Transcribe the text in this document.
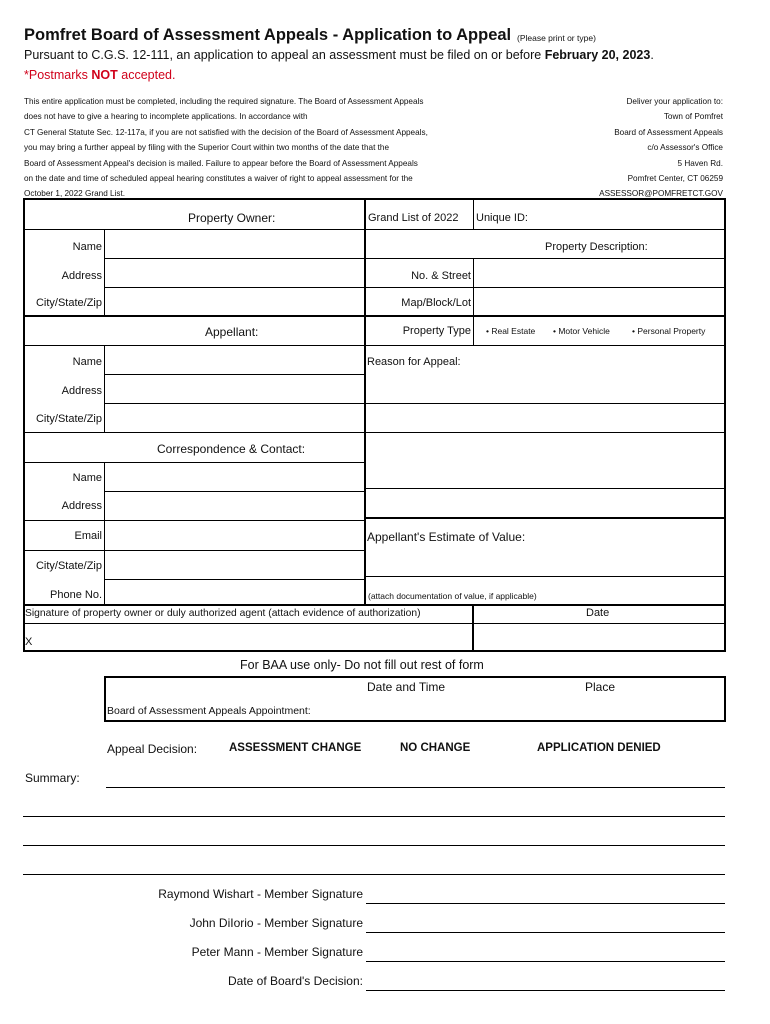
Pomfret Board of Assessment Appeals - Application to Appeal (Please print or type)
Pursuant to C.G.S. 12-111, an application to appeal an assessment must be filed on or before February 20, 2023.
*Postmarks NOT accepted.
This entire application must be completed, including the required signature. The Board of Assessment Appeals
does not have to give a hearing to incomplete applications. In accordance with
CT General Statute Sec. 12-117a, if you are not satisfied with the decision of the Board of Assessment Appeals,
you may bring a further appeal by filing with the Superior Court within two months of the date that the
Board of Assessment Appeal's decision is mailed. Failure to appear before the Board of Assessment Appeals
on the date and time of scheduled appeal hearing constitutes a waiver of right to appeal assessment for the
October 1, 2022 Grand List.
Deliver your application to:
Town of Pomfret
Board of Assessment Appeals
c/o Assessor's Office
5 Haven Rd.
Pomfret Center, CT 06259
ASSESSOR@POMFRETCT.GOV
Property Owner:	Grand List of 2022 Unique ID:
Name
Address
City/State/Zip
Property Description:
No. & Street
Map/Block/Lot
Appellant:	Property Type • Real Estate • Motor Vehicle	• Personal Property
Name
Address
City/State/Zip
Reason for Appeal:
Correspondence & Contact:
Name
Address
Email
City/State/Zip
Phone No.
Appellant's Estimate of Value:
(attach documentation of value, if applicable)
Signature of property owner or duly authorized agent (attach evidence of authorization)	Date
X
For BAA use only- Do not fill out rest of form
Date and Time	Place
Board of Assessment Appeals Appointment:
Appeal Decision:	ASSESSMENT CHANGE	NO CHANGE	APPLICATION DENIED
Summary:
Raymond Wishart - Member Signature
John DiIorio - Member Signature
Peter Mann - Member Signature
Date of Board's Decision:
